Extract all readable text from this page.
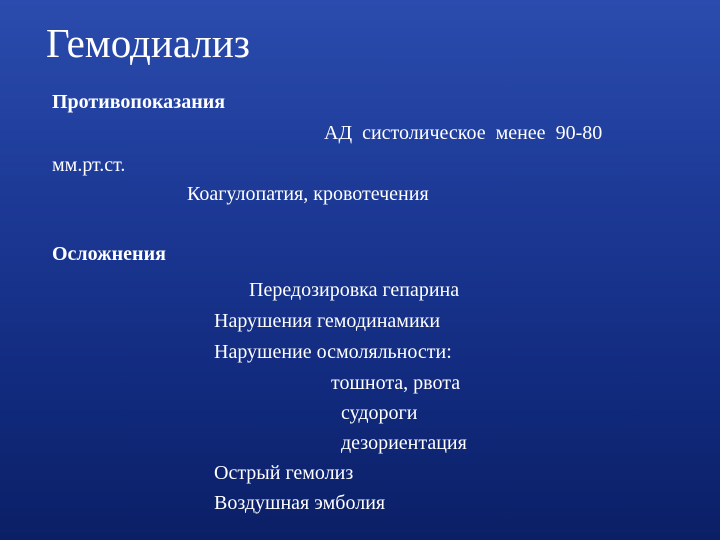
Гемодиализ
Противопоказания
АД систолическое менее 90-80
мм.рт.ст.
Коагулопатия, кровотечения
Осложнения
Передозировка гепарина
Нарушения гемодинамики
Нарушение осмоляльности:
тошнота, рвота
судороги
дезориентация
Острый гемолиз
Воздушная эмболия
